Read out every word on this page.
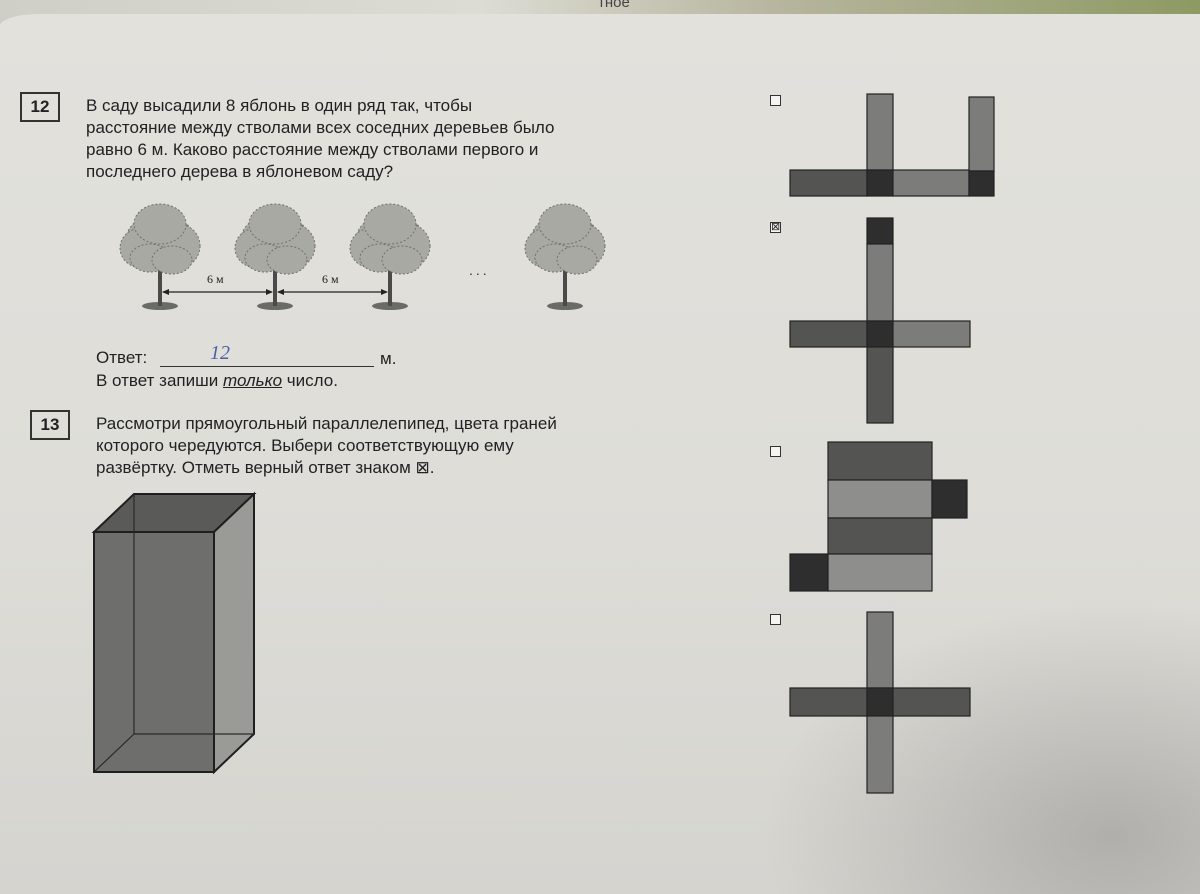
тное
12	В саду высадили 8 яблонь в один ряд так, чтобы
расстояние между стволами всех соседних деревьев было
равно 6 м. Каково расстояние между стволами первого и
последнего дерева в яблоневом саду?
6 м	6 м
...
Ответ:	12	м.
В ответ запиши только число.
13	Рассмотри прямоугольный параллелепипед, цвета граней
которого чередуются. Выбери соответствующую ему
развёртку. Отметь верный ответ знаком ⊠.
⊠
